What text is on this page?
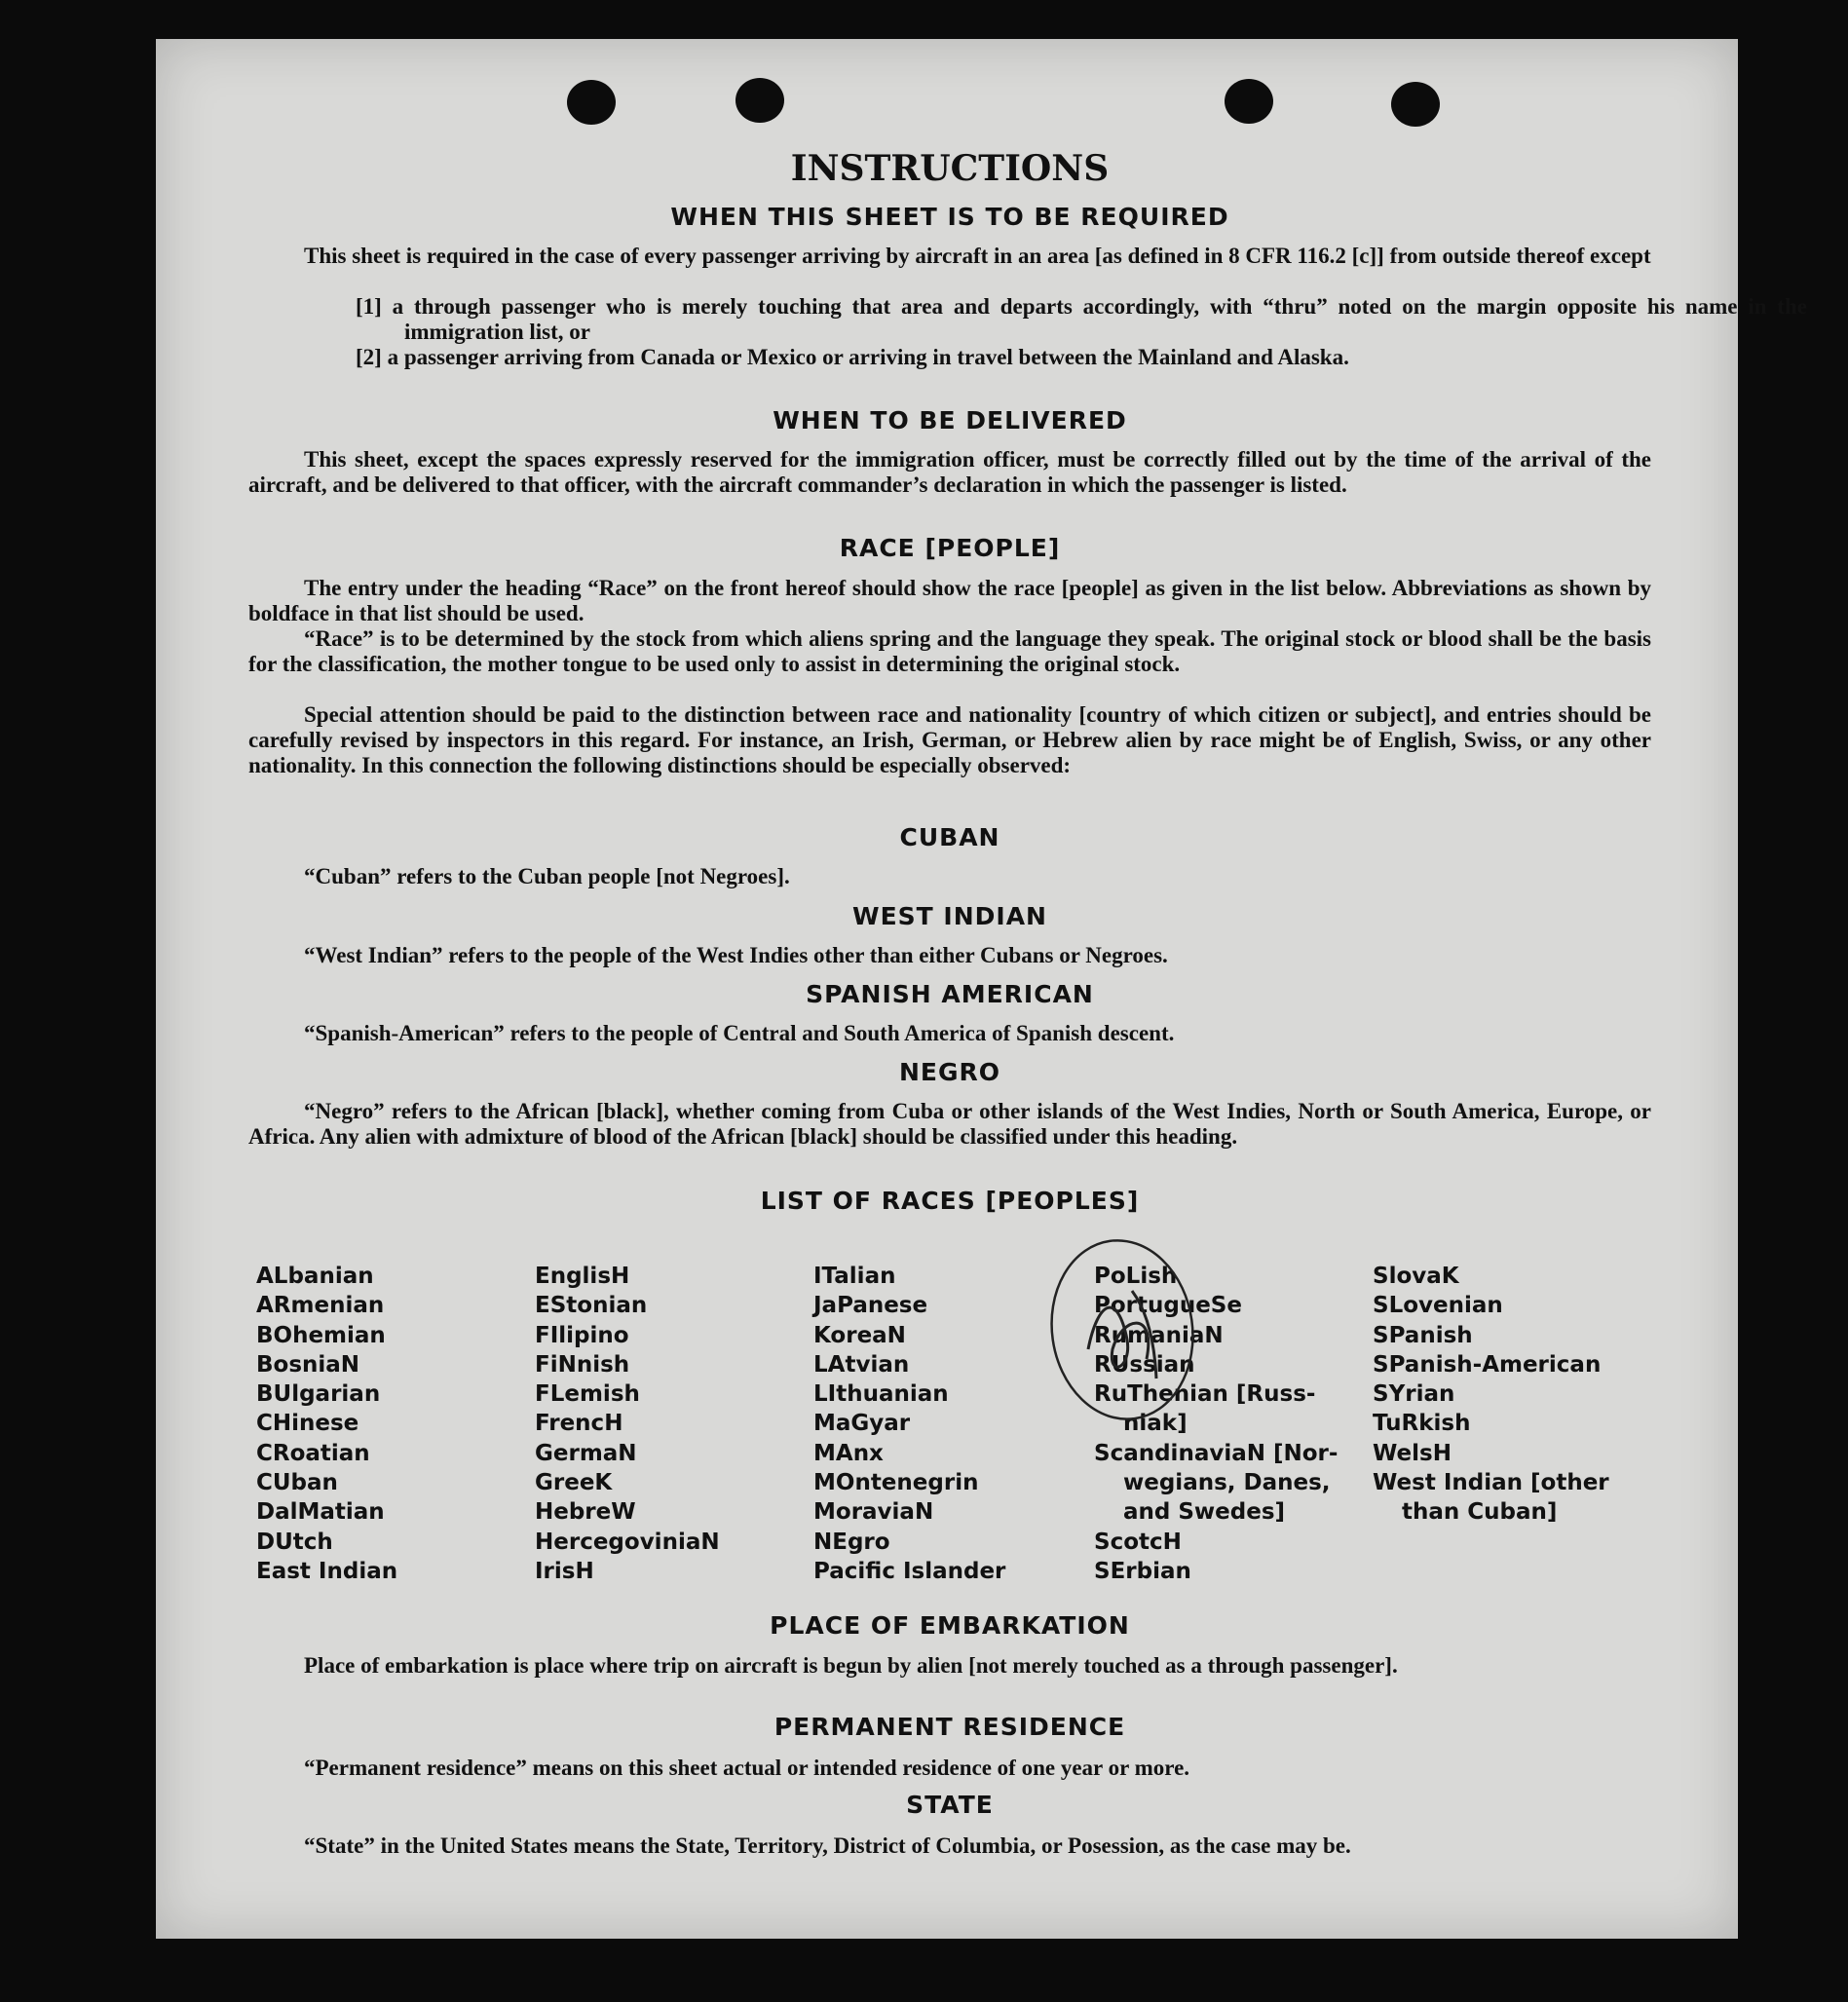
INSTRUCTIONS
WHEN THIS SHEET IS TO BE REQUIRED
This sheet is required in the case of every passenger arriving by aircraft in an area [as defined in 8 CFR 116.2 [c]] from outside thereof except
[1] a through passenger who is merely touching that area and departs accordingly, with “thru” noted on the margin opposite his name in the immigration list, or
[2] a passenger arriving from Canada or Mexico or arriving in travel between the Mainland and Alaska.
WHEN TO BE DELIVERED
This sheet, except the spaces expressly reserved for the immigration officer, must be correctly filled out by the time of the arrival of the aircraft, and be delivered to that officer, with the aircraft commander’s declaration in which the passenger is listed.
RACE [PEOPLE]
The entry under the heading “Race” on the front hereof should show the race [people] as given in the list below. Abbreviations as shown by boldface in that list should be used.
“Race” is to be determined by the stock from which aliens spring and the language they speak. The original stock or blood shall be the basis for the classification, the mother tongue to be used only to assist in determining the original stock.
Special attention should be paid to the distinction between race and nationality [country of which citizen or subject], and entries should be carefully revised by inspectors in this regard. For instance, an Irish, German, or Hebrew alien by race might be of English, Swiss, or any other nationality. In this connection the following distinctions should be especially observed:
CUBAN
“Cuban” refers to the Cuban people [not Negroes].
WEST INDIAN
“West Indian” refers to the people of the West Indies other than either Cubans or Negroes.
SPANISH AMERICAN
“Spanish-American” refers to the people of Central and South America of Spanish descent.
NEGRO
“Negro” refers to the African [black], whether coming from Cuba or other islands of the West Indies, North or South America, Europe, or Africa. Any alien with admixture of blood of the African [black] should be classified under this heading.
LIST OF RACES [PEOPLES]
ALbanian
ARmenian
BOhemian
BosniaN
BUlgarian
CHinese
CRoatian
CUban
DalMatian
DUtch
East Indian
EnglisH
EStonian
FIlipino
FiNnish
FLemish
FrencH
GermaN
GreeK
HebreW
HercegoviniaN
IrisH
ITalian
JaPanese
KoreaN
LAtvian
LIthuanian
MaGyar
MAnx
MOntenegrin
MoraviaN
NEgro
Pacific Islander
PoLish
PortugueSe
RumaniaN
RUssian
RuThenian [Russ-
niak]
ScandinaviaN [Nor-
wegians, Danes,
and Swedes]
ScotcH
SErbian
SlovaK
SLovenian
SPanish
SPanish-American
SYrian
TuRkish
WelsH
West Indian [other
than Cuban]
PLACE OF EMBARKATION
Place of embarkation is place where trip on aircraft is begun by alien [not merely touched as a through passenger].
PERMANENT RESIDENCE
“Permanent residence” means on this sheet actual or intended residence of one year or more.
STATE
“State” in the United States means the State, Territory, District of Columbia, or Posession, as the case may be.
